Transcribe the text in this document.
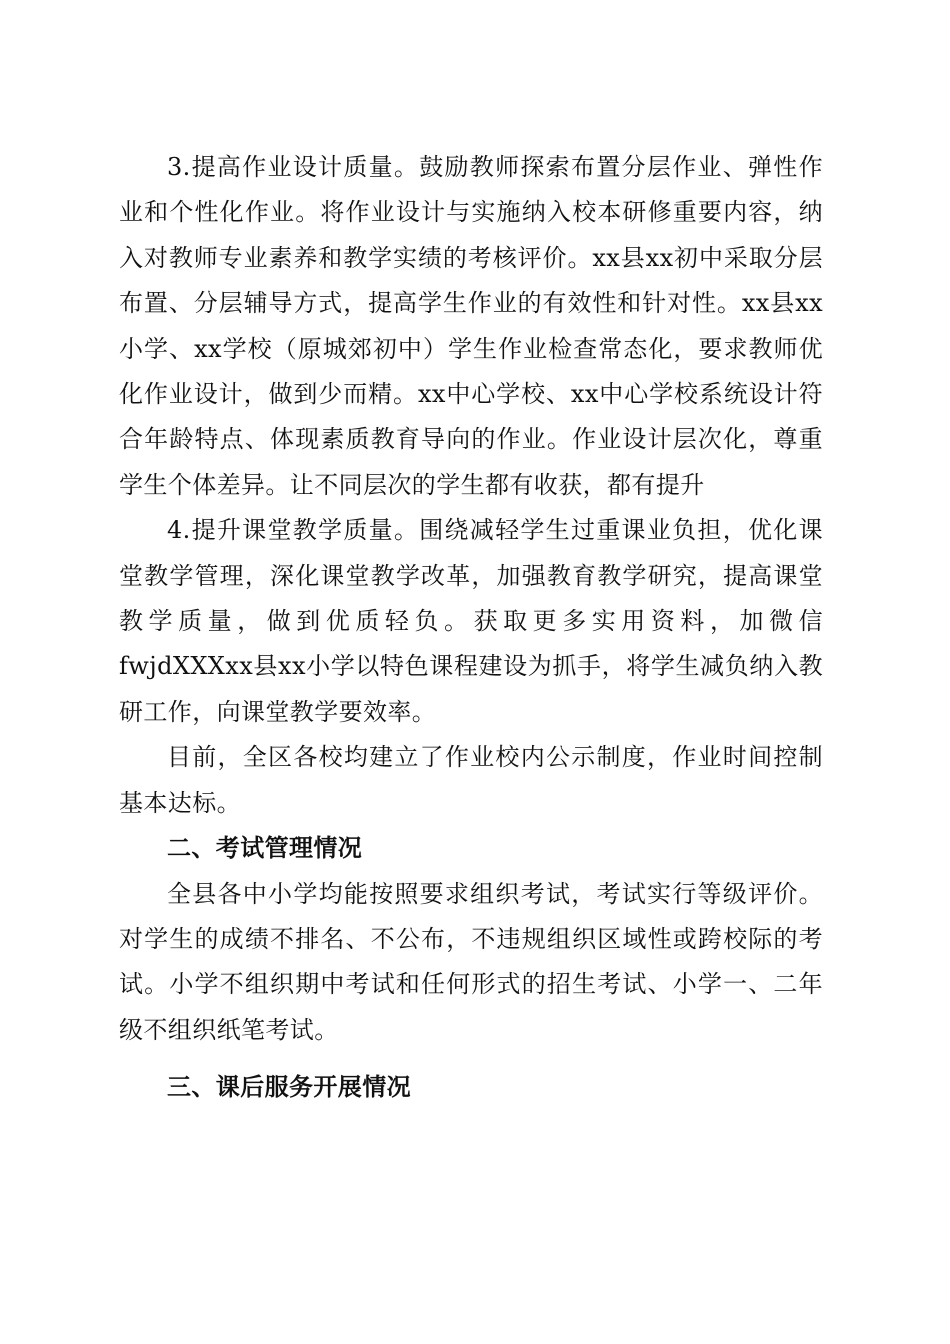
3.提高作业设计质量。鼓励教师探索布置分层作业、弹性作业和个性化作业。将作业设计与实施纳入校本研修重要内容，纳入对教师专业素养和教学实绩的考核评价。xx县xx初中采取分层布置、分层辅导方式，提高学生作业的有效性和针对性。xx县xx小学、xx学校（原城郊初中）学生作业检查常态化，要求教师优化作业设计，做到少而精。xx中心学校、xx中心学校系统设计符合年龄特点、体现素质教育导向的作业。作业设计层次化，尊重学生个体差异。让不同层次的学生都有收获，都有提升

4.提升课堂教学质量。围绕减轻学生过重课业负担，优化课堂教学管理，深化课堂教学改革，加强教育教学研究，提高课堂教学质量，做到优质轻负。获取更多实用资料，加微信fwjdXXXxx县xx小学以特色课程建设为抓手，将学生减负纳入教研工作，向课堂教学要效率。

目前，全区各校均建立了作业校内公示制度，作业时间控制基本达标。

二、考试管理情况

全县各中小学均能按照要求组织考试，考试实行等级评价。对学生的成绩不排名、不公布，不违规组织区域性或跨校际的考试。小学不组织期中考试和任何形式的招生考试、小学一、二年级不组织纸笔考试。

三、课后服务开展情况
